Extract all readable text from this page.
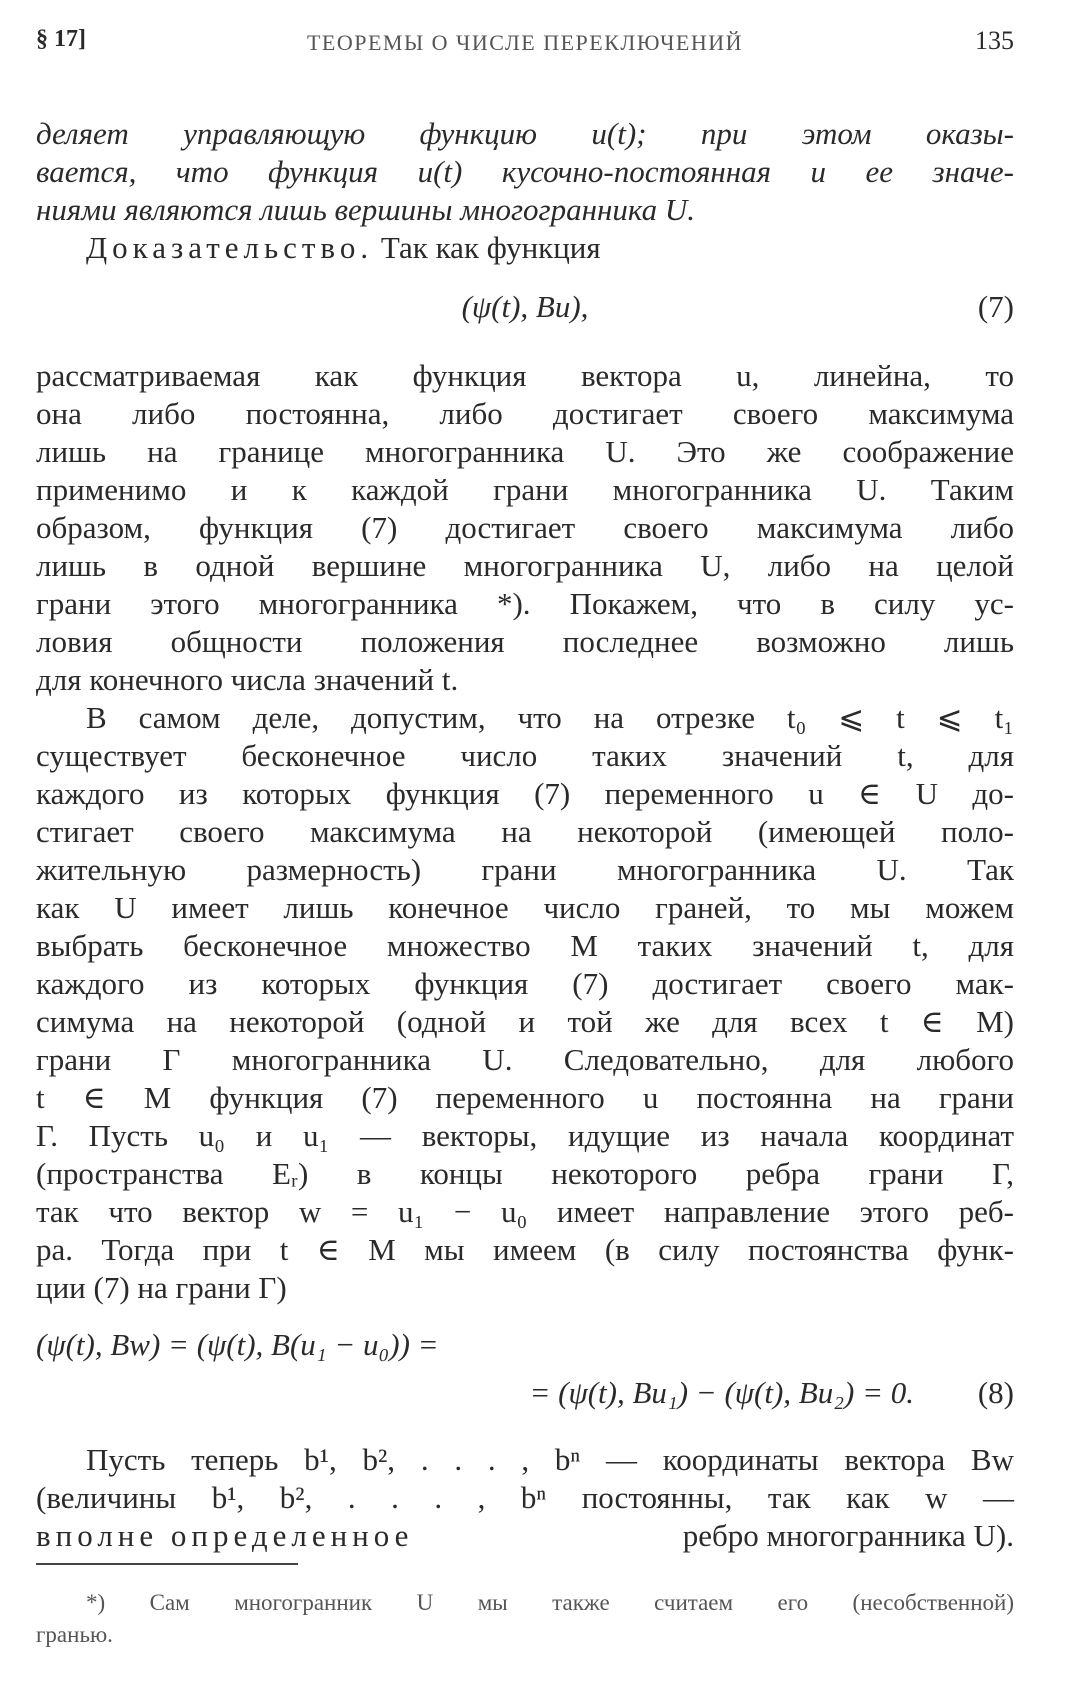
§ 17]	ТЕОРЕМЫ О ЧИСЛЕ ПЕРЕКЛЮЧЕНИЙ	135
деляет управляющую функцию u(t); при этом оказы-
вается, что функция u(t) кусочно-постоянная и ее значе-
ниями являются лишь вершины многогранника U.
Доказательство. Так как функция
(ψ(t), Bu),	(7)
рассматриваемая как функция вектора u, линейна, то
она либо постоянна, либо достигает своего максимума
лишь на границе многогранника U. Это же соображение
применимо и к каждой грани многогранника U. Таким
образом, функция (7) достигает своего максимума либо
лишь в одной вершине многогранника U, либо на целой
грани этого многогранника *). Покажем, что в силу ус-
ловия общности положения последнее возможно лишь
для конечного числа значений t.
В самом деле, допустим, что на отрезке t₀ ⩽ t ⩽ t₁
существует бесконечное число таких значений t, для
каждого из которых функция (7) переменного u ∈ U до-
стигает своего максимума на некоторой (имеющей поло-
жительную размерность) грани многогранника U. Так
как U имеет лишь конечное число граней, то мы можем
выбрать бесконечное множество M таких значений t, для
каждого из которых функция (7) достигает своего мак-
симума на некоторой (одной и той же для всех t ∈ M)
грани Γ многогранника U. Следовательно, для любого
t ∈ M функция (7) переменного u постоянна на грани
Γ. Пусть u₀ и u₁ — векторы, идущие из начала координат
(пространства Eᵣ) в концы некоторого ребра грани Γ,
так что вектор w = u₁ − u₀ имеет направление этого реб-
ра. Тогда при t ∈ M мы имеем (в силу постоянства функ-
ции (7) на грани Γ)
(ψ(t), Bw) = (ψ(t), B(u₁ − u₀)) =
= (ψ(t), Bu₁) − (ψ(t), Bu₂) = 0. (8)
Пусть теперь b¹, b², . . . , bⁿ — координаты вектора Bw
(величины b¹, b², . . . , bⁿ постоянны, так как w —
вполне определенное	ребро многогранника U).
*) Сам многогранник U мы также считаем его (несобственной)
гранью.
